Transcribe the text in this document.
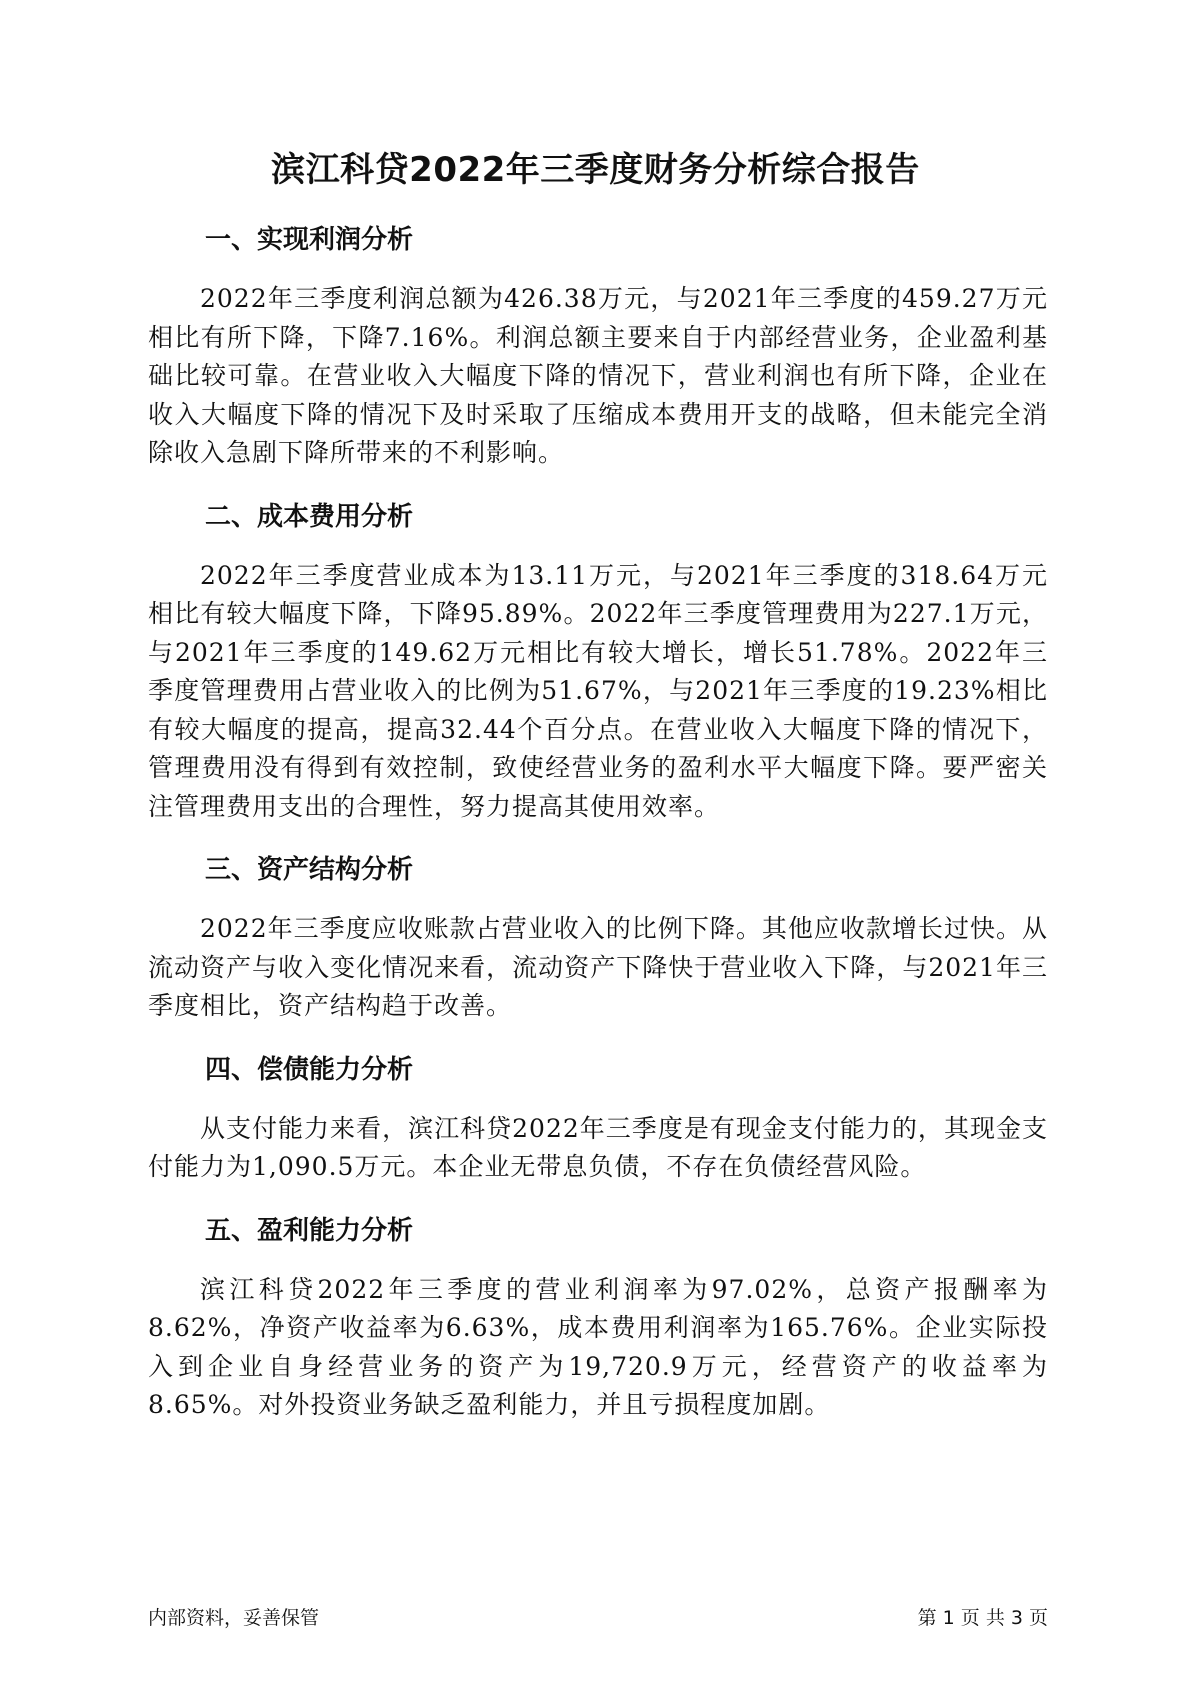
滨江科贷2022年三季度财务分析综合报告
一、实现利润分析

2022年三季度利润总额为426.38万元，与2021年三季度的459.27万元相比有所下降，下降7.16%。利润总额主要来自于内部经营业务，企业盈利基础比较可靠。在营业收入大幅度下降的情况下，营业利润也有所下降，企业在收入大幅度下降的情况下及时采取了压缩成本费用开支的战略，但未能完全消除收入急剧下降所带来的不利影响。

二、成本费用分析

2022年三季度营业成本为13.11万元，与2021年三季度的318.64万元相比有较大幅度下降，下降95.89%。2022年三季度管理费用为227.1万元，与2021年三季度的149.62万元相比有较大增长，增长51.78%。2022年三季度管理费用占营业收入的比例为51.67%，与2021年三季度的19.23%相比有较大幅度的提高，提高32.44个百分点。在营业收入大幅度下降的情况下，管理费用没有得到有效控制，致使经营业务的盈利水平大幅度下降。要严密关注管理费用支出的合理性，努力提高其使用效率。

三、资产结构分析

2022年三季度应收账款占营业收入的比例下降。其他应收款增长过快。从流动资产与收入变化情况来看，流动资产下降快于营业收入下降，与2021年三季度相比，资产结构趋于改善。

四、偿债能力分析

从支付能力来看，滨江科贷2022年三季度是有现金支付能力的，其现金支付能力为1,090.5万元。本企业无带息负债，不存在负债经营风险。

五、盈利能力分析

滨江科贷2022年三季度的营业利润率为97.02%，总资产报酬率为8.62%，净资产收益率为6.63%，成本费用利润率为165.76%。企业实际投入到企业自身经营业务的资产为19,720.9万元，经营资产的收益率为8.65%。对外投资业务缺乏盈利能力，并且亏损程度加剧。

内部资料，妥善保管	第 1 页 共 3 页
